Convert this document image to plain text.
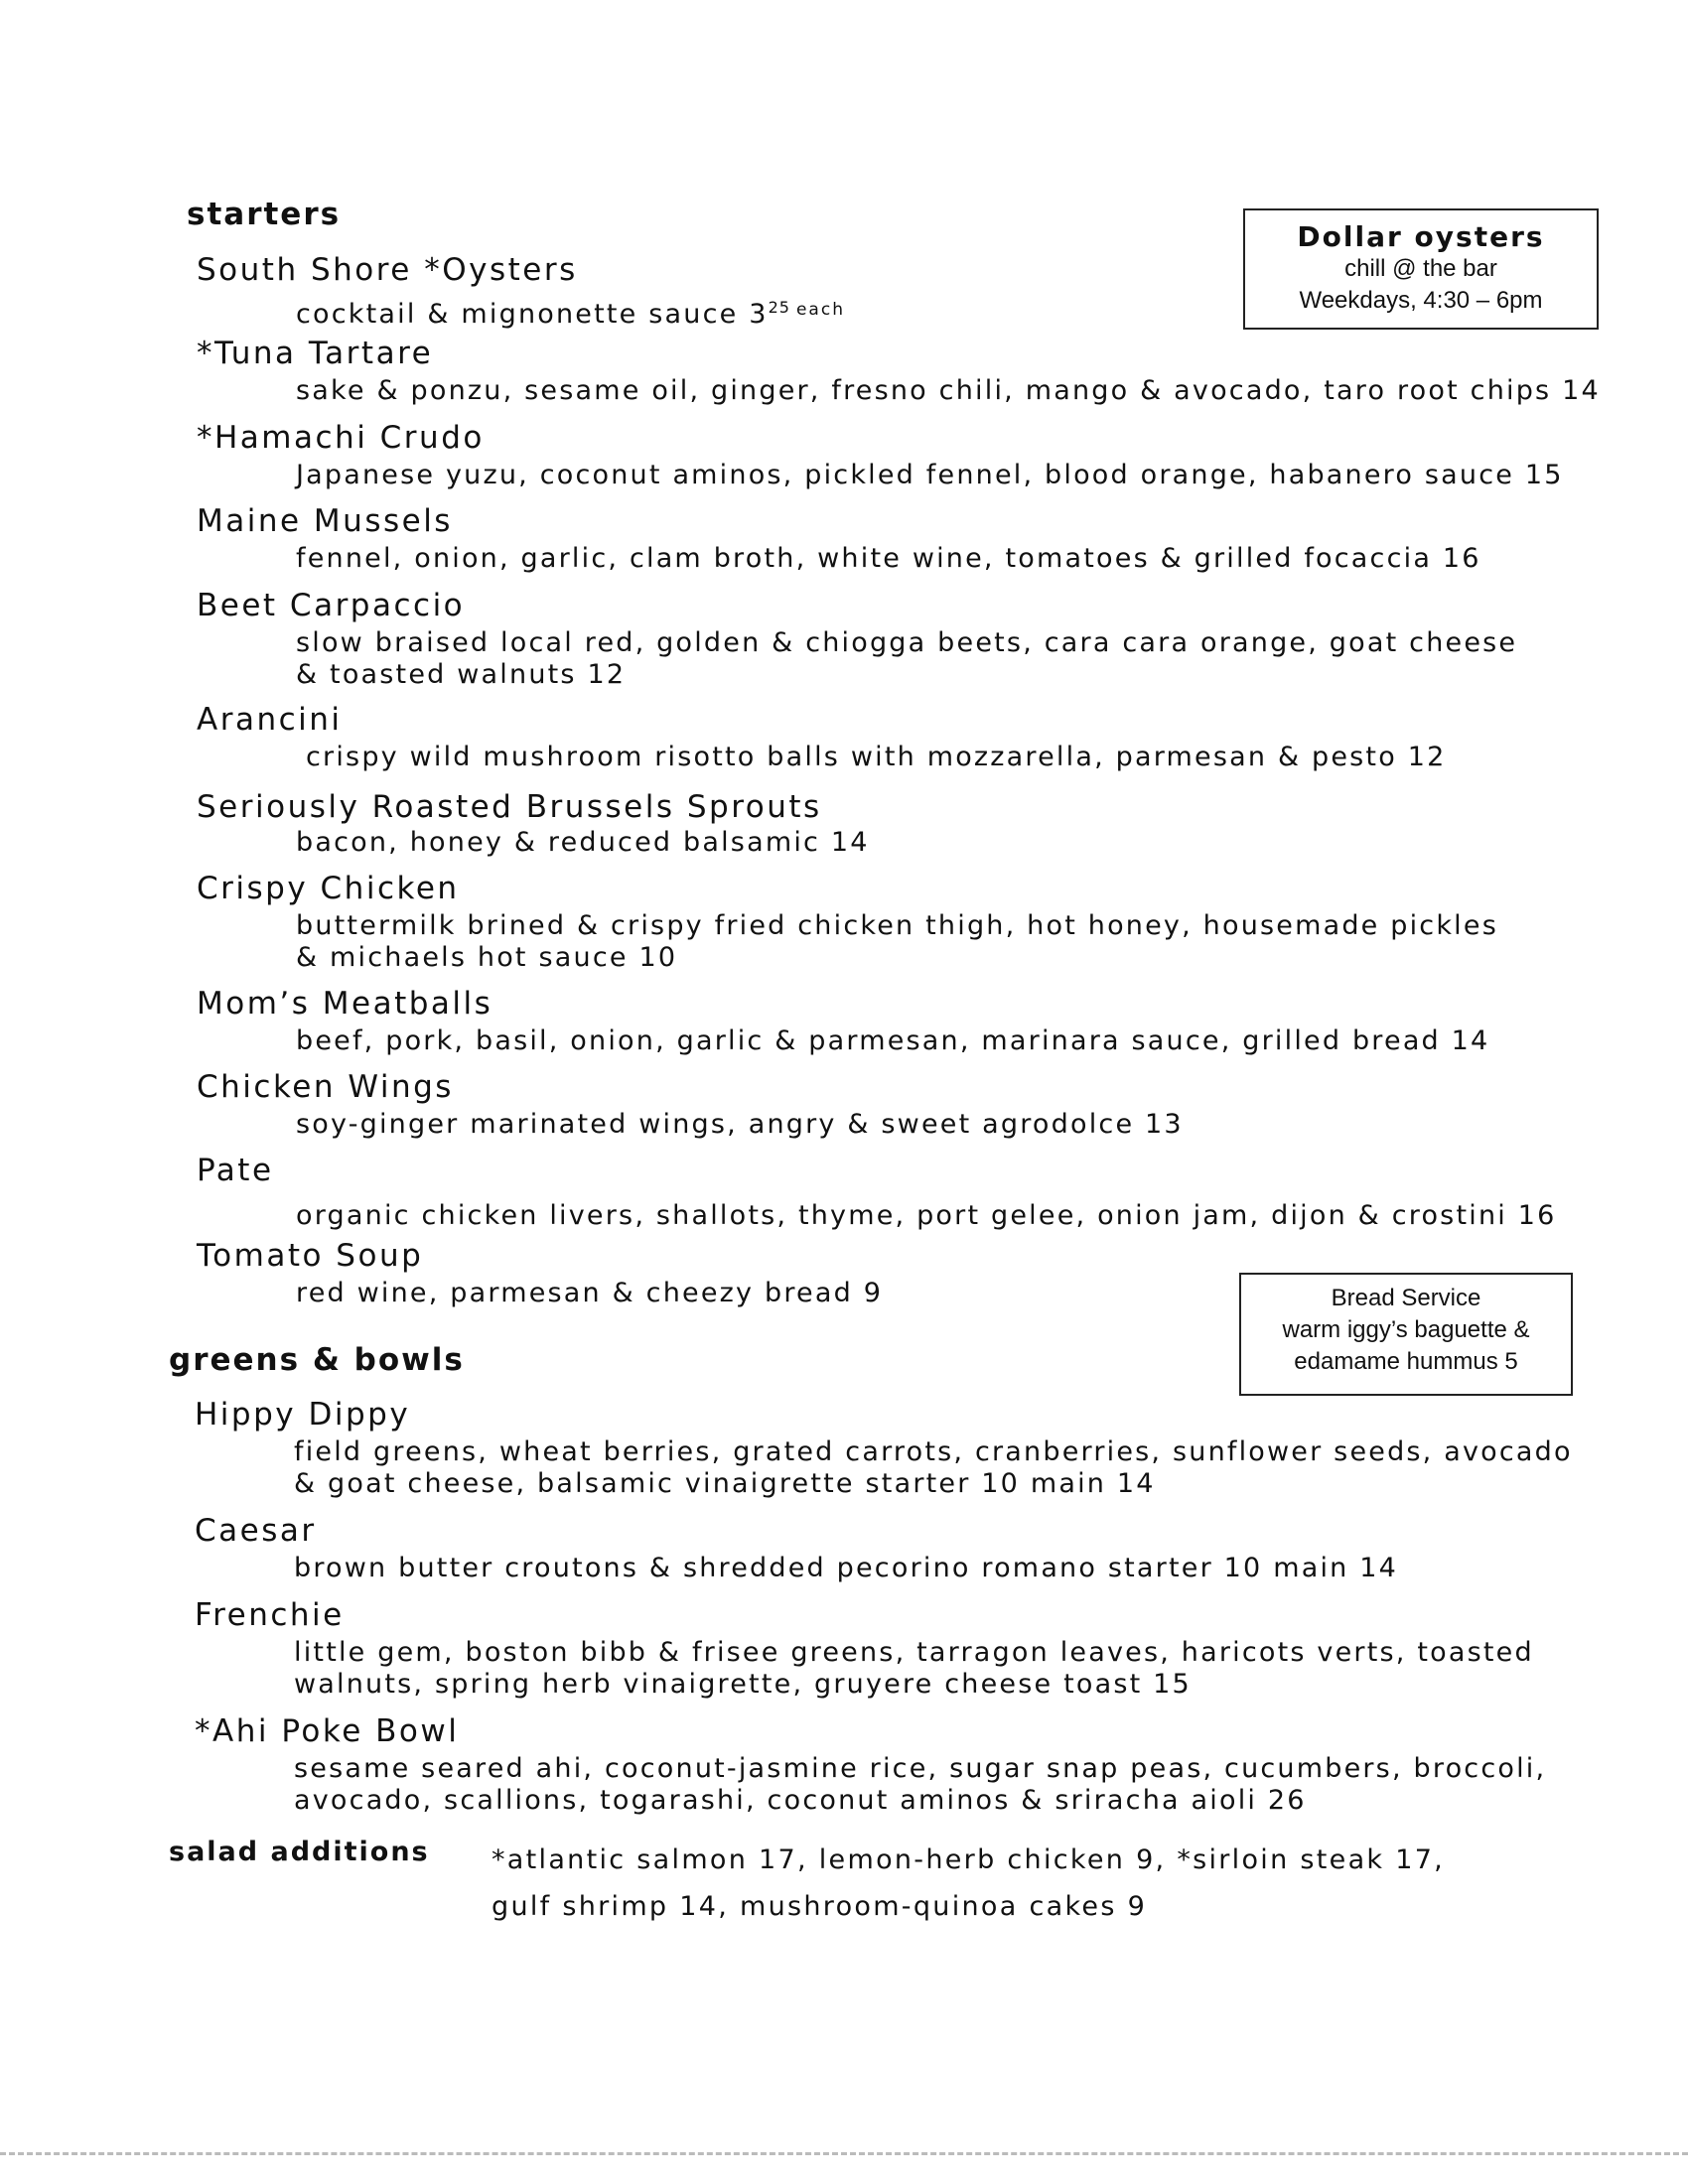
starters
South Shore *Oysters
cocktail & mignonette sauce $3^{25}$ $^{each}$
*Tuna Tartare
sake & ponzu, sesame oil, ginger, fresno chili, mango & avocado, taro root chips 14
*Hamachi Crudo
Japanese yuzu, coconut aminos, pickled fennel, blood orange, habanero sauce 15
Maine Mussels
fennel, onion, garlic, clam broth, white wine, tomatoes & grilled focaccia 16
Beet Carpaccio
slow braised local red, golden & chiogga beets, cara cara orange, goat cheese
& toasted walnuts 12
Arancini
crispy wild mushroom risotto balls with mozzarella, parmesan & pesto 12
Seriously Roasted Brussels Sprouts
bacon, honey & reduced balsamic 14
Crispy Chicken
buttermilk brined & crispy fried chicken thigh, hot honey, housemade pickles
& michaels hot sauce 10
Mom’s Meatballs
beef, pork, basil, onion, garlic & parmesan, marinara sauce, grilled bread 14
Chicken Wings
soy-ginger marinated wings, angry & sweet agrodolce 13
Pate
organic chicken livers, shallots, thyme, port gelee, onion jam, dijon & crostini 16
Tomato Soup
red wine, parmesan & cheezy bread 9
Dollar oysters
chill @ the bar
Weekdays, 4:30 – 6pm
Bread Service
warm iggy’s baguette &
edamame hummus 5
greens & bowls
Hippy Dippy
field greens, wheat berries, grated carrots, cranberries, sunflower seeds, avocado
& goat cheese, balsamic vinaigrette starter 10 main 14
Caesar
brown butter croutons & shredded pecorino romano starter 10 main 14
Frenchie
little gem, boston bibb & frisee greens, tarragon leaves, haricots verts, toasted
walnuts, spring herb vinaigrette, gruyere cheese toast 15
*Ahi Poke Bowl
sesame seared ahi, coconut-jasmine rice, sugar snap peas, cucumbers, broccoli,
avocado, scallions, togarashi, coconut aminos & sriracha aioli 26
salad additions *atlantic salmon 17, lemon-herb chicken 9, *sirloin steak 17,
gulf shrimp 14, mushroom-quinoa cakes 9
